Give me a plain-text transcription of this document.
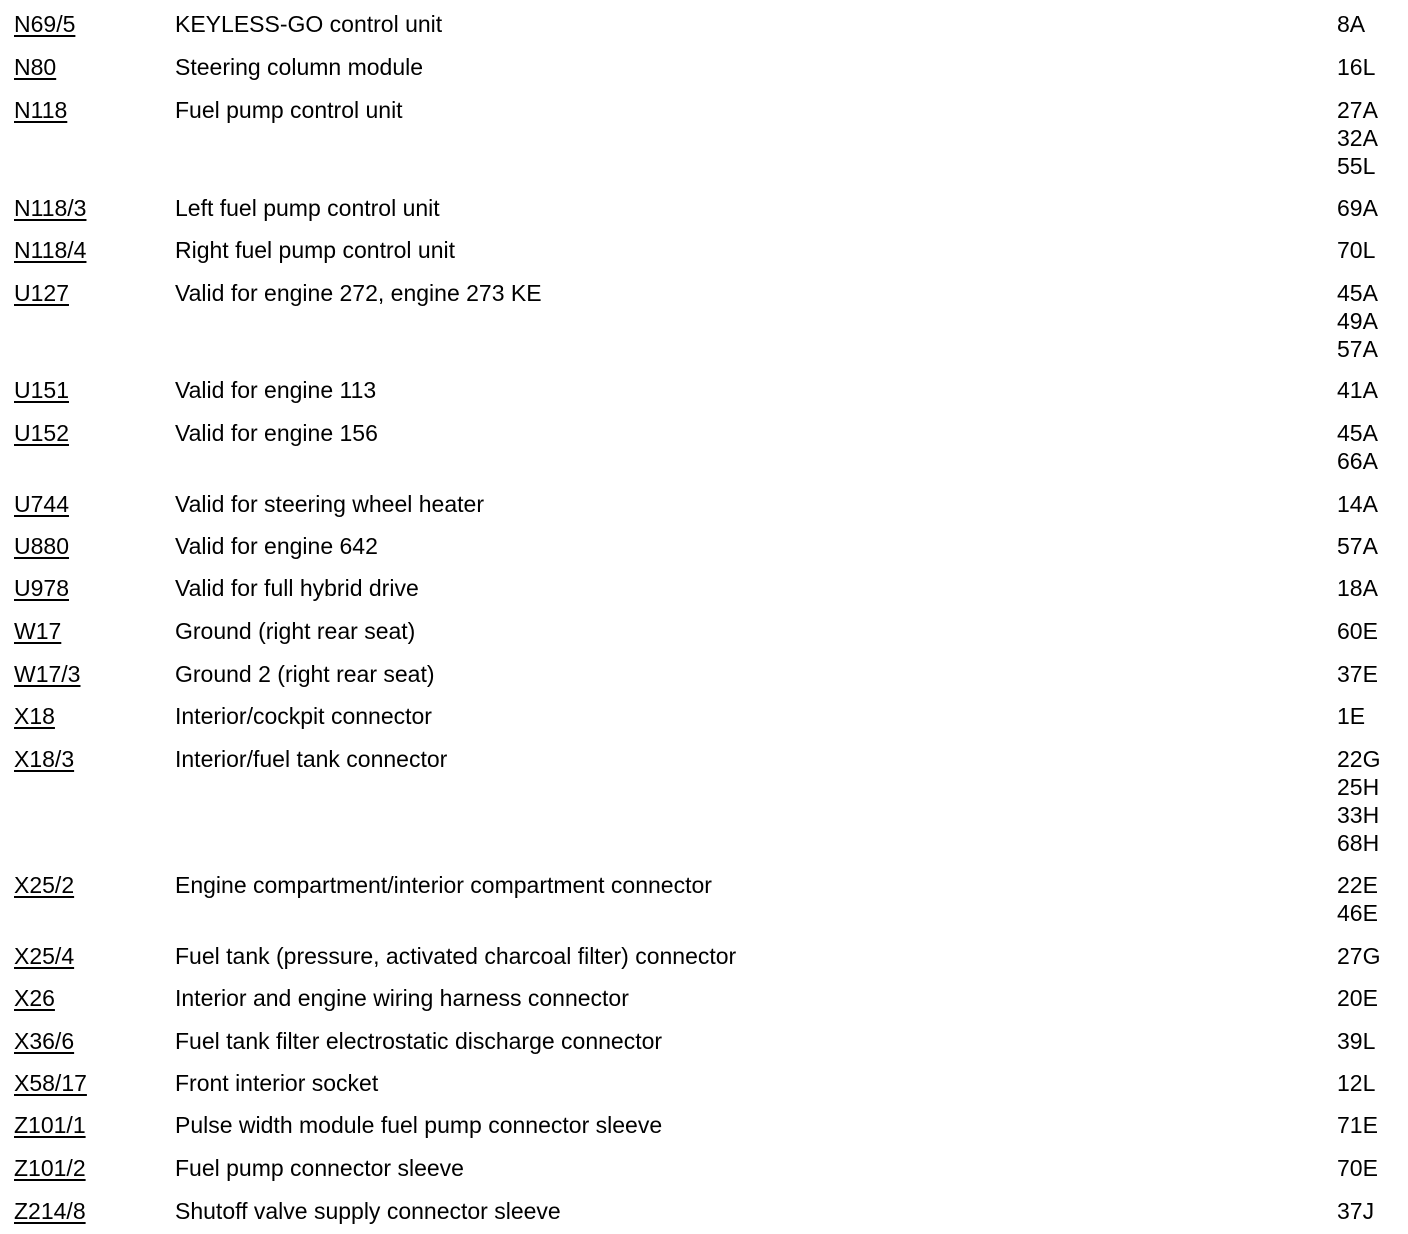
N69/5	KEYLESS-GO control unit	8A
N80	Steering column module	16L
N118	Fuel pump control unit	27A
32A
55L
N118/3	Left fuel pump control unit	69A
N118/4	Right fuel pump control unit	70L
U127	Valid for engine 272, engine 273 KE	45A
49A
57A
U151	Valid for engine 113	41A
U152	Valid for engine 156	45A
66A
U744	Valid for steering wheel heater	14A
U880	Valid for engine 642	57A
U978	Valid for full hybrid drive	18A
W17	Ground (right rear seat)	60E
W17/3	Ground 2 (right rear seat)	37E
X18	Interior/cockpit connector	1E
X18/3	Interior/fuel tank connector	22G
25H
33H
68H
X25/2	Engine compartment/interior compartment connector	22E
46E
X25/4	Fuel tank (pressure, activated charcoal filter) connector	27G
X26	Interior and engine wiring harness connector	20E
X36/6	Fuel tank filter electrostatic discharge connector	39L
X58/17	Front interior socket	12L
Z101/1	Pulse width module fuel pump connector sleeve	71E
Z101/2	Fuel pump connector sleeve	70E
Z214/8	Shutoff valve supply connector sleeve	37J
